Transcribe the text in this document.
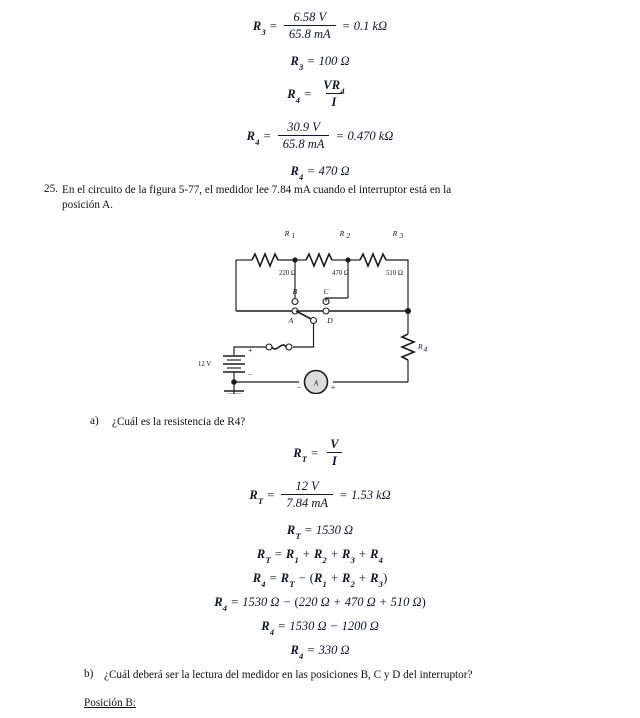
$R_3 = \frac{6.58 V}{65.8 mA} = 0.1$ kΩ
$R_3 = 100$ Ω
$R_4 = \frac{VR_4}{I}$
$R_4 = \frac{30.9 V}{65.8 mA} = 0.470$ kΩ
$R_4 = 470$ Ω
25. En el circuito de la figura 5-77, el medidor lee 7.84 mA cuando el interruptor está en la
posición A.
R 1
220 Ω
R 2
470 Ω
R 3
510 Ω
B	C
A	D
12 V
+
−
A
−	+
R 4
a) ¿Cuál es la resistencia de R4?
$R_T = \frac{V}{I}$
$R_T = \frac{12 V}{7.84 mA} = 1.53$ kΩ
$R_T = 1530$ Ω
$R_T = R_1 + R_2 + R_3 + R_4$
$R_4 = R_T$ − ( $R_1 + R_2 + R_3$ )
$R_4 = 1530$ Ω − ( 220 Ω + 470 Ω + 510 Ω )
$R_4 = 1530$ Ω − 1200 Ω
$R_4 = 330$ Ω
b) ¿Cuál deberá ser la lectura del medidor en las posiciones B, C y D del interruptor?
Posición B:
